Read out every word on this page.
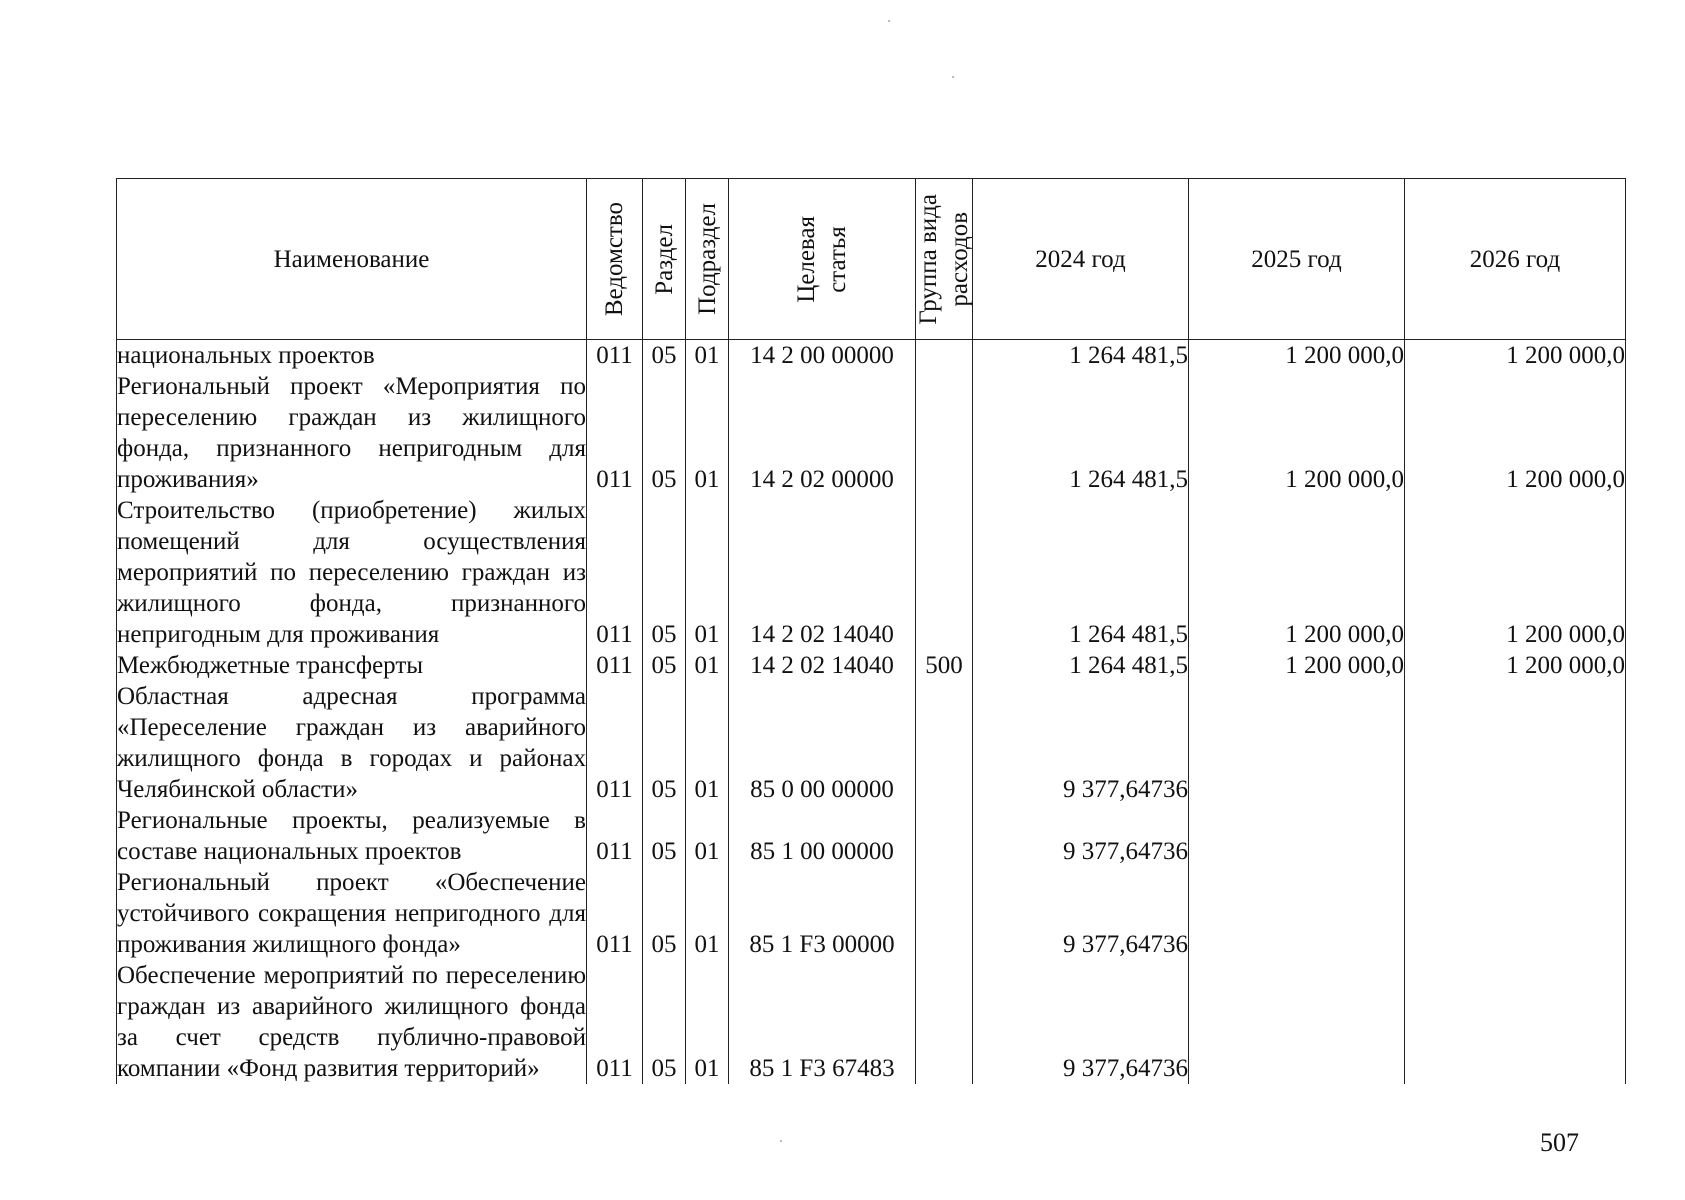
Наименование	Ведомство	Раздел	Подраздел	Целевая статья	Группа вида расходов	2024 год	2025 год	2026 год
национальных проектов	011	05	01	14 2 00 00000		1 264 481,5	1 200 000,0	1 200 000,0
Региональный проект «Мероприятия по переселению граждан из жилищного фонда, признанного непригодным для проживания»	011	05	01	14 2 02 00000		1 264 481,5	1 200 000,0	1 200 000,0
Строительство (приобретение) жилых помещений для осуществления мероприятий по переселению граждан из жилищного фонда, признанного непригодным для проживания	011	05	01	14 2 02 14040		1 264 481,5	1 200 000,0	1 200 000,0
Межбюджетные трансферты	011	05	01	14 2 02 14040	500	1 264 481,5	1 200 000,0	1 200 000,0
Областная адресная программа «Переселение граждан из аварийного жилищного фонда в городах и районах Челябинской области»	011	05	01	85 0 00 00000		9 377,64736		
Региональные проекты, реализуемые в составе национальных проектов	011	05	01	85 1 00 00000		9 377,64736		
Региональный проект «Обеспечение устойчивого сокращения непригодного для проживания жилищного фонда»	011	05	01	85 1 F3 00000		9 377,64736		
Обеспечение мероприятий по переселению граждан из аварийного жилищного фонда за счет средств публично-правовой компании «Фонд развития территорий»	011	05	01	85 1 F3 67483		9 377,64736		
507
